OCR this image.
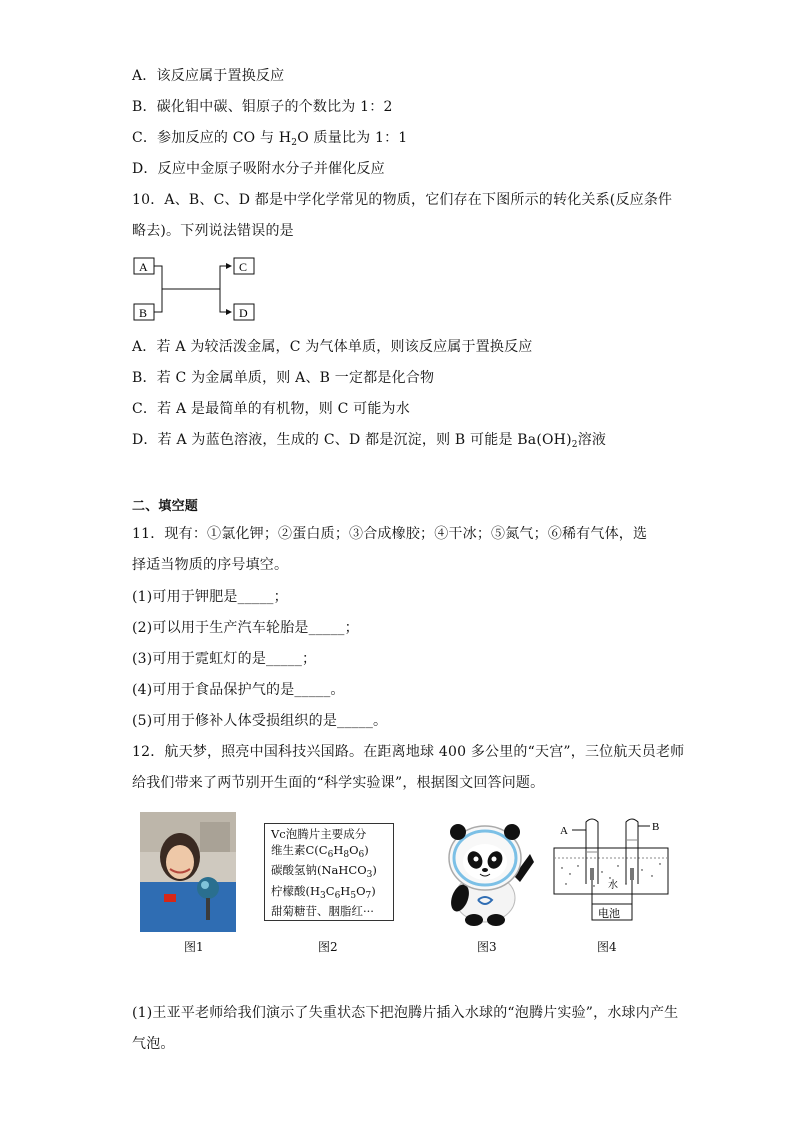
A．该反应属于置换反应
B．碳化钼中碳、钼原子的个数比为 1：2
C．参加反应的 CO 与 $H_2O$ 质量比为 1：1
D．反应中金原子吸附水分子并催化反应
10．A、B、C、D 都是中学化学常见的物质，它们存在下图所示的转化关系(反应条件
略去)。下列说法错误的是
A
B
C
D
A．若 A 为较活泼金属，C 为气体单质，则该反应属于置换反应
B．若 C 为金属单质，则 A、B 一定都是化合物
C．若 A 是最简单的有机物，则 C 可能为水
D．若 A 为蓝色溶液，生成的 C、D 都是沉淀，则 B 可能是 $Ba(OH)_2$溶液
二、填空题
11．现有：①氯化钾；②蛋白质；③合成橡胶；④干冰；⑤氮气；⑥稀有气体，选
择适当物质的序号填空。
(1)可用于钾肥是_____；
(2)可以用于生产汽车轮胎是_____；
(3)可用于霓虹灯的是_____；
(4)可用于食品保护气的是_____。
(5)可用于修补人体受损组织的是_____。
12．航天梦，照亮中国科技兴国路。在距离地球 400 多公里的“天宫”，三位航天员老师
给我们带来了两节别开生面的“科学实验课”，根据图文回答问题。
Vc泡腾片主要成分
维生素$C(C_6H_8O_6)$
碳酸氢钠(NaHCO$_3$)
柠檬酸$(H_3C_6H_5O_7)$
甜菊糖苷、胭脂红···	电池
水
A	B
图1	图2	图3	图4
(1)王亚平老师给我们演示了失重状态下把泡腾片插入水球的“泡腾片实验”，水球内产生
气泡。
